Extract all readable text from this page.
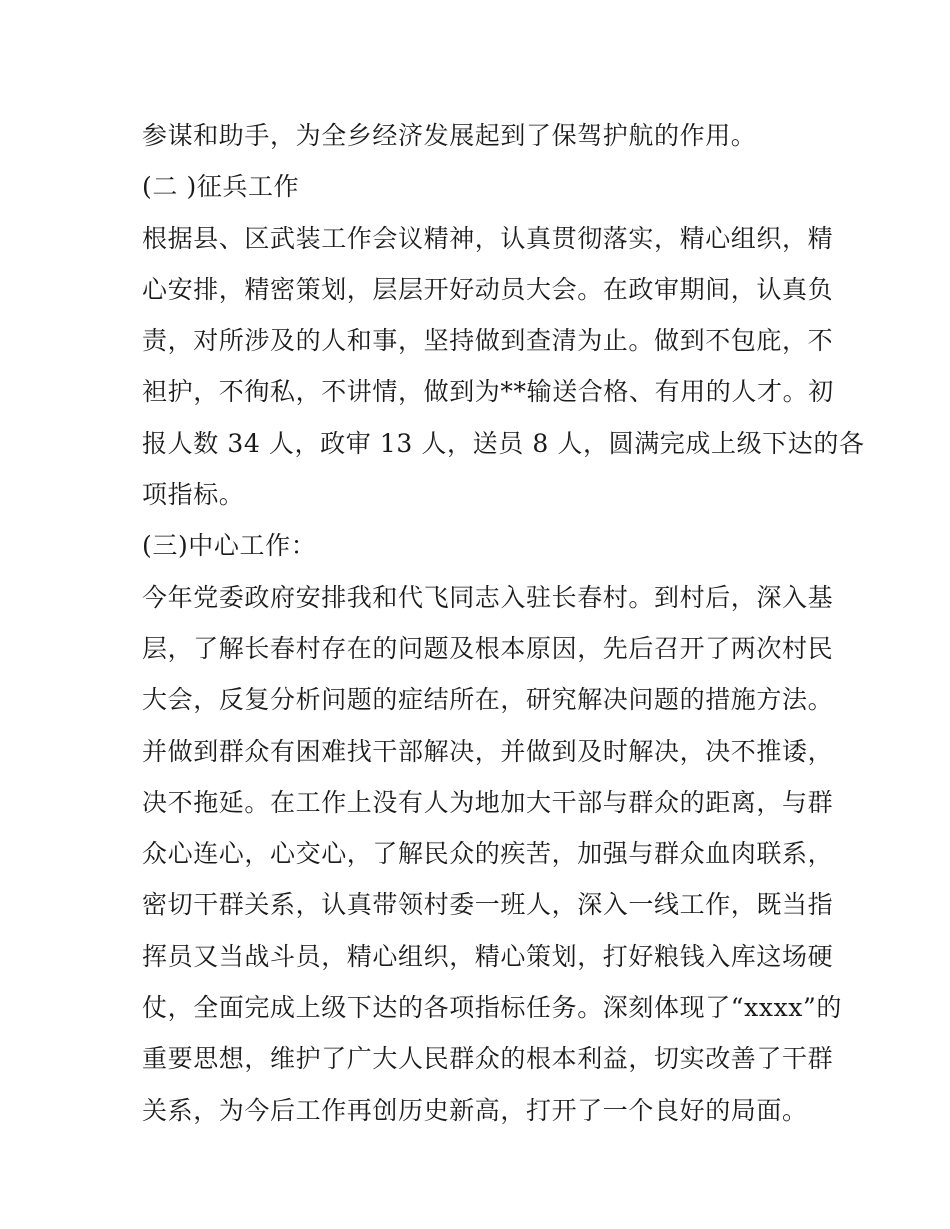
参谋和助手，为全乡经济发展起到了保驾护航的作用。
(二 )征兵工作
根据县、区武装工作会议精神，认真贯彻落实，精心组织，精
心安排，精密策划，层层开好动员大会。在政审期间，认真负
责，对所涉及的人和事，坚持做到查清为止。做到不包庇，不
袒护，不徇私，不讲情，做到为**输送合格、有用的人才。初
报人数 34 人，政审 13 人，送员 8 人，圆满完成上级下达的各
项指标。
(三)中心工作：
今年党委政府安排我和代飞同志入驻长春村。到村后，深入基
层，了解长春村存在的问题及根本原因，先后召开了两次村民
大会，反复分析问题的症结所在，研究解决问题的措施方法。
并做到群众有困难找干部解决，并做到及时解决，决不推诿，
决不拖延。在工作上没有人为地加大干部与群众的距离，与群
众心连心，心交心，了解民众的疾苦，加强与群众血肉联系，
密切干群关系，认真带领村委一班人，深入一线工作，既当指
挥员又当战斗员，精心组织，精心策划，打好粮钱入库这场硬
仗，全面完成上级下达的各项指标任务。深刻体现了“xxxx”的
重要思想，维护了广大人民群众的根本利益，切实改善了干群
关系，为今后工作再创历史新高，打开了一个良好的局面。
